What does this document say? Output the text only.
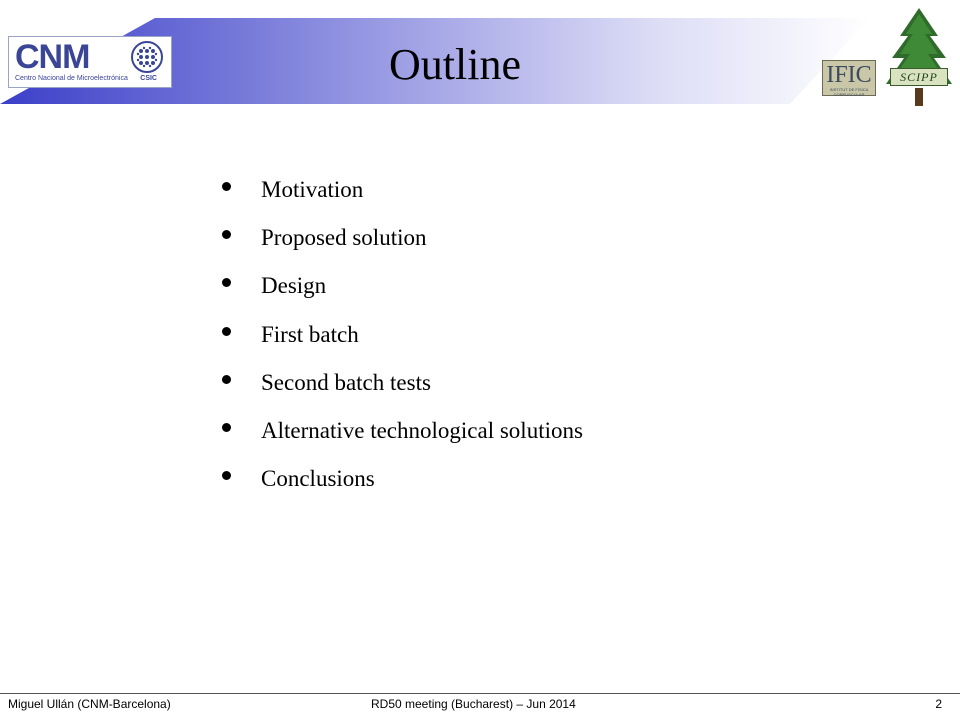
CNM
Centro Nacional de Microelectrónica CSIC	Outline	IFIC
INSTITUT DE FÍSICA CORPUSCULAR
SCIPP
Motivation
Proposed solution
Design
First batch
Second batch tests
Alternative technological solutions
Conclusions
Miguel Ullán (CNM-Barcelona)	RD50 meeting (Bucharest) – Jun 2014	2
